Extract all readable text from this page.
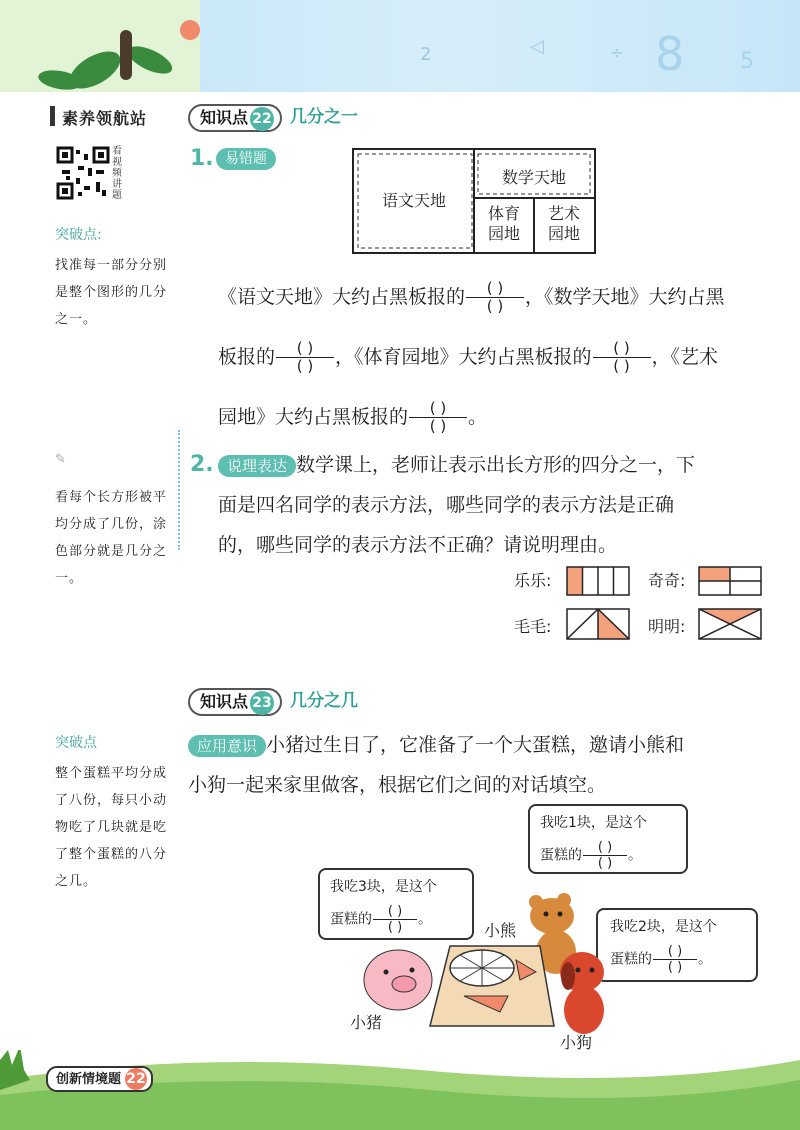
2	◁	÷ 8	5
素养领航站
看视频讲题
突破点:
找准每一部分分别是整个图形的几分之一。
✎
看每个长方形被平均分成了几份，涂色部分就是几分之一。
突破点
整个蛋糕平均分成了八份，每只小动物吃了几块就是吃了整个蛋糕的八分之几。
知识点 22 几分之一
1. 易错题
语文天地
数学天地
体育
园地
艺术
园地
《语文天地》大约占黑板报的 $\frac{( )}{( )}$ ，《数学天地》大约占黑
板报的 $\frac{( )}{( )}$ ，《体育园地》大约占黑板报的 $\frac{( )}{( )}$ ，《艺术
园地》大约占黑板报的 $\frac{( )}{( )}$ 。
2. 说理表达 数学课上，老师让表示出长方形的四分之一，下
面是四名同学的表示方法，哪些同学的表示方法是正确
的，哪些同学的表示方法不正确？请说明理由。
乐乐:	奇奇:
毛毛:	明明:
知识点 23 几分之几
应用意识 小猪过生日了，它准备了一个大蛋糕，邀请小熊和
小狗一起来家里做客，根据它们之间的对话填空。
我吃1块，是这个
蛋糕的 $\frac{( )}{( )}$ 。
我吃3块，是这个
蛋糕的 $\frac{( )}{( )}$ 。	我吃2块，是这个
蛋糕的 $\frac{( )}{( )}$ 。
小熊
小猪
小狗
创新情境题 22
